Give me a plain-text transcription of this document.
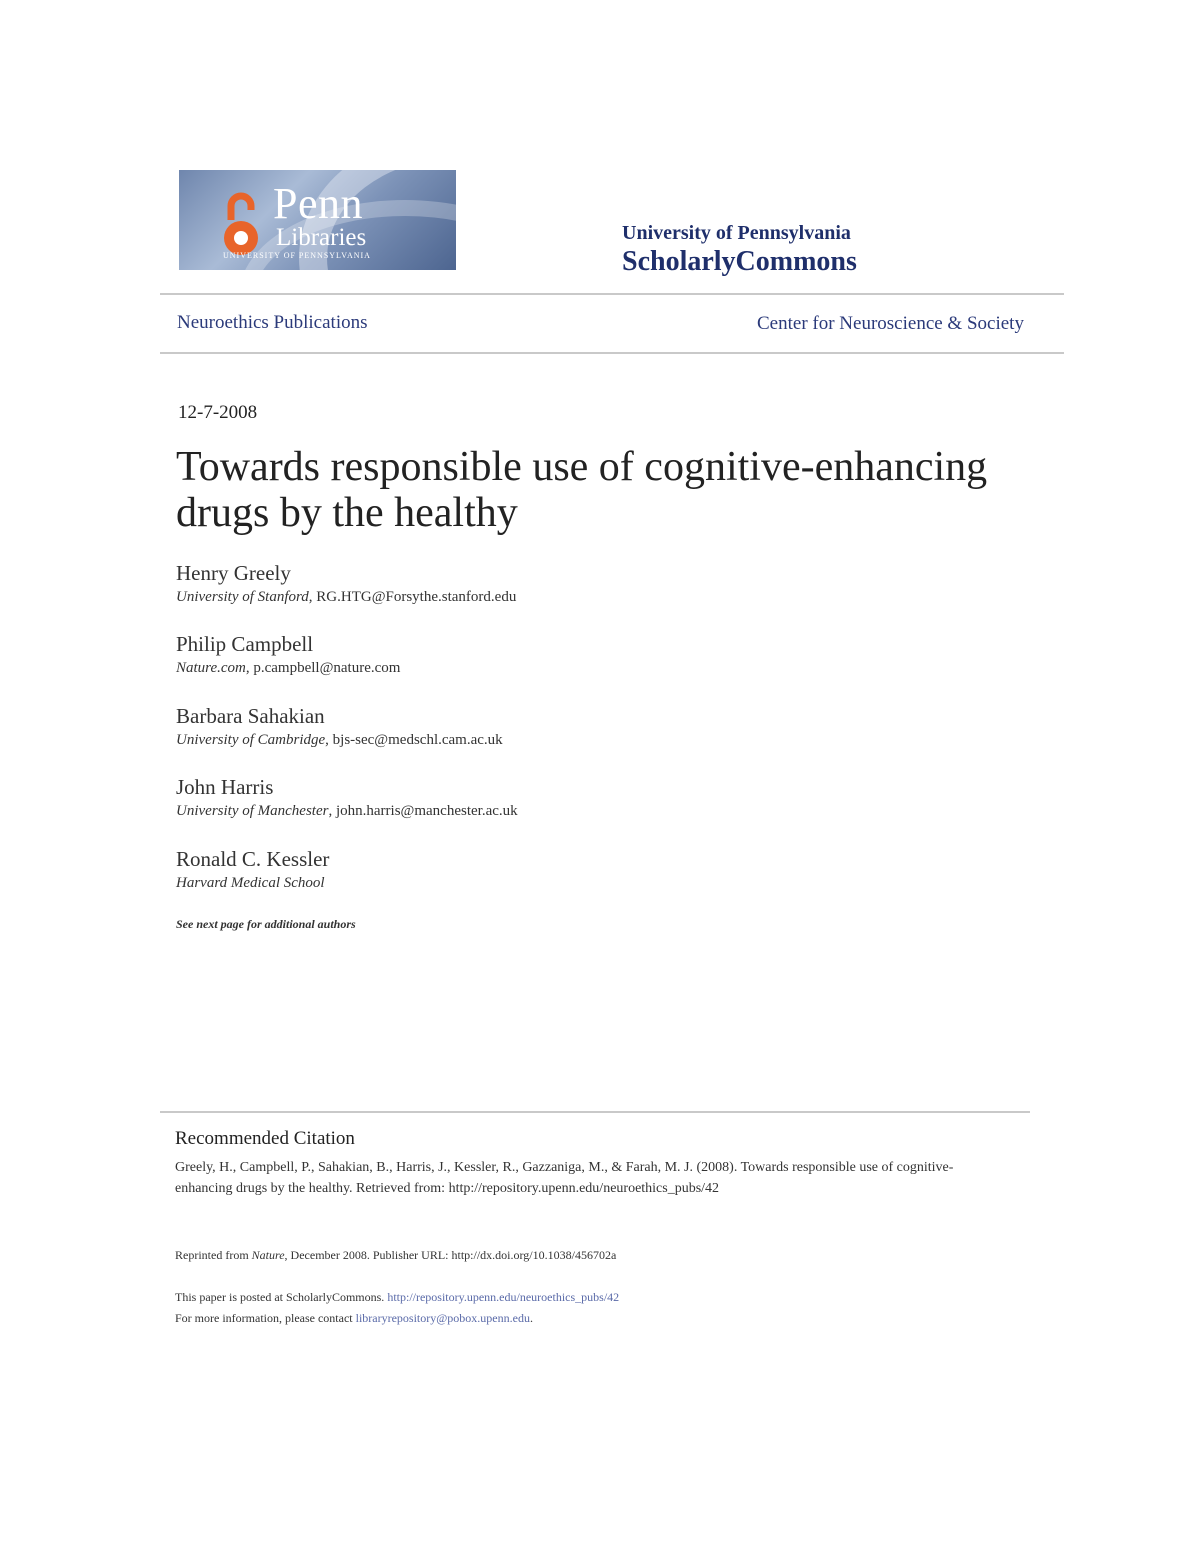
Penn
Libraries
UNIVERSITY OF PENNSYLVANIA
University of Pennsylvania
ScholarlyCommons
Neuroethics Publications	Center for Neuroscience & Society
12-7-2008
Towards responsible use of cognitive-enhancing drugs by the healthy
Henry Greely
University of Stanford, RG.HTG@Forsythe.stanford.edu
Philip Campbell
Nature.com, p.campbell@nature.com
Barbara Sahakian
University of Cambridge, bjs-sec@medschl.cam.ac.uk
John Harris
University of Manchester, john.harris@manchester.ac.uk
Ronald C. Kessler
Harvard Medical School
See next page for additional authors
Recommended Citation
Greely, H., Campbell, P., Sahakian, B., Harris, J., Kessler, R., Gazzaniga, M., & Farah, M. J. (2008). Towards responsible use of cognitive-enhancing drugs by the healthy. Retrieved from: http://repository.upenn.edu/neuroethics_pubs/42
Reprinted from Nature, December 2008. Publisher URL: http://dx.doi.org/10.1038/456702a
This paper is posted at ScholarlyCommons. http://repository.upenn.edu/neuroethics_pubs/42
For more information, please contact libraryrepository@pobox.upenn.edu.
